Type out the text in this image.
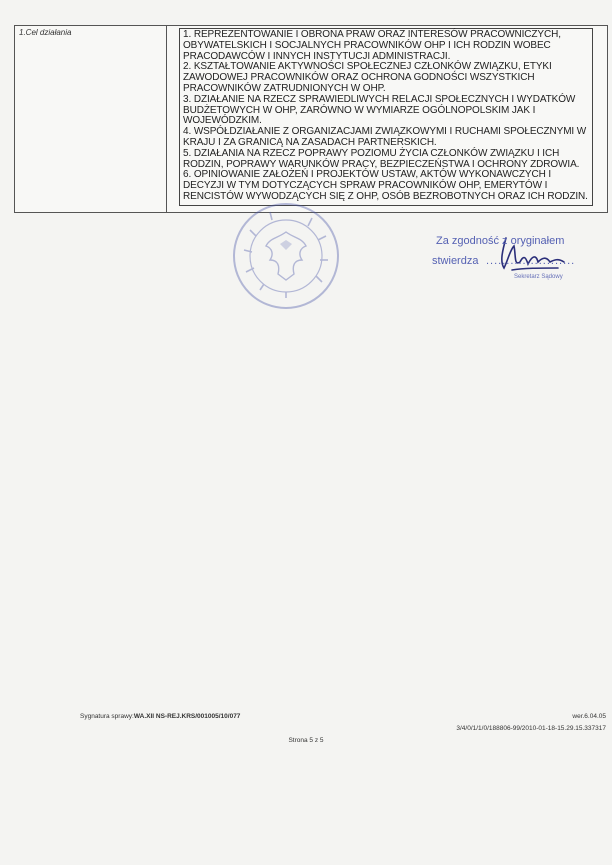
1.Cel działania	1. REPREZENTOWANIE I OBRONA PRAW ORAZ INTERESÓW PRACOWNICZYCH, OBYWATELSKICH I SOCJALNYCH PRACOWNIKÓW OHP I ICH RODZIN WOBEC PRACODAWCÓW I INNYCH INSTYTUCJI ADMINISTRACJI.

2. KSZTAŁTOWANIE AKTYWNOŚCI SPOŁECZNEJ CZŁONKÓW ZWIĄZKU, ETYKI ZAWODOWEJ PRACOWNIKÓW ORAZ OCHRONA GODNOŚCI WSZYSTKICH PRACOWNIKÓW ZATRUDNIONYCH W OHP.

3. DZIAŁANIE NA RZECZ SPRAWIEDLIWYCH RELACJI SPOŁECZNYCH I WYDATKÓW BUDŻETOWYCH W OHP, ZARÓWNO W WYMIARZE OGÓLNOPOLSKIM JAK I WOJEWÓDZKIM.

4. WSPÓŁDZIAŁANIE Z ORGANIZACJAMI ZWIĄZKOWYMI I RUCHAMI SPOŁECZNYMI W KRAJU I ZA GRANICĄ NA ZASADACH PARTNERSKICH.

5. DZIAŁANIA NA RZECZ POPRAWY POZIOMU ŻYCIA CZŁONKÓW ZWIĄZKU I ICH RODZIN, POPRAWY WARUNKÓW PRACY, BEZPIECZEŃSTWA I OCHRONY ZDROWIA.

6. OPINIOWANIE ZAŁOŻEŃ I PROJEKTÓW USTAW, AKTÓW WYKONAWCZYCH I DECYZJI W TYM DOTYCZĄCYCH SPRAW PRACOWNIKÓW OHP, EMERYTÓW I RENCISTÓW WYWODZĄCYCH SIĘ Z OHP, OSÓB BEZROBOTNYCH ORAZ ICH RODZIN.

Za zgodność z oryginałem
stwierdza ......................
Sekretarz Sądowy
Sygnatura sprawy:WA.XII NS-REJ.KRS/001005/10/077	wer.6.04.05
3/4/0/1/1/0/188806-99/2010-01-18-15.29.15.337317
Strona 5 z 5
